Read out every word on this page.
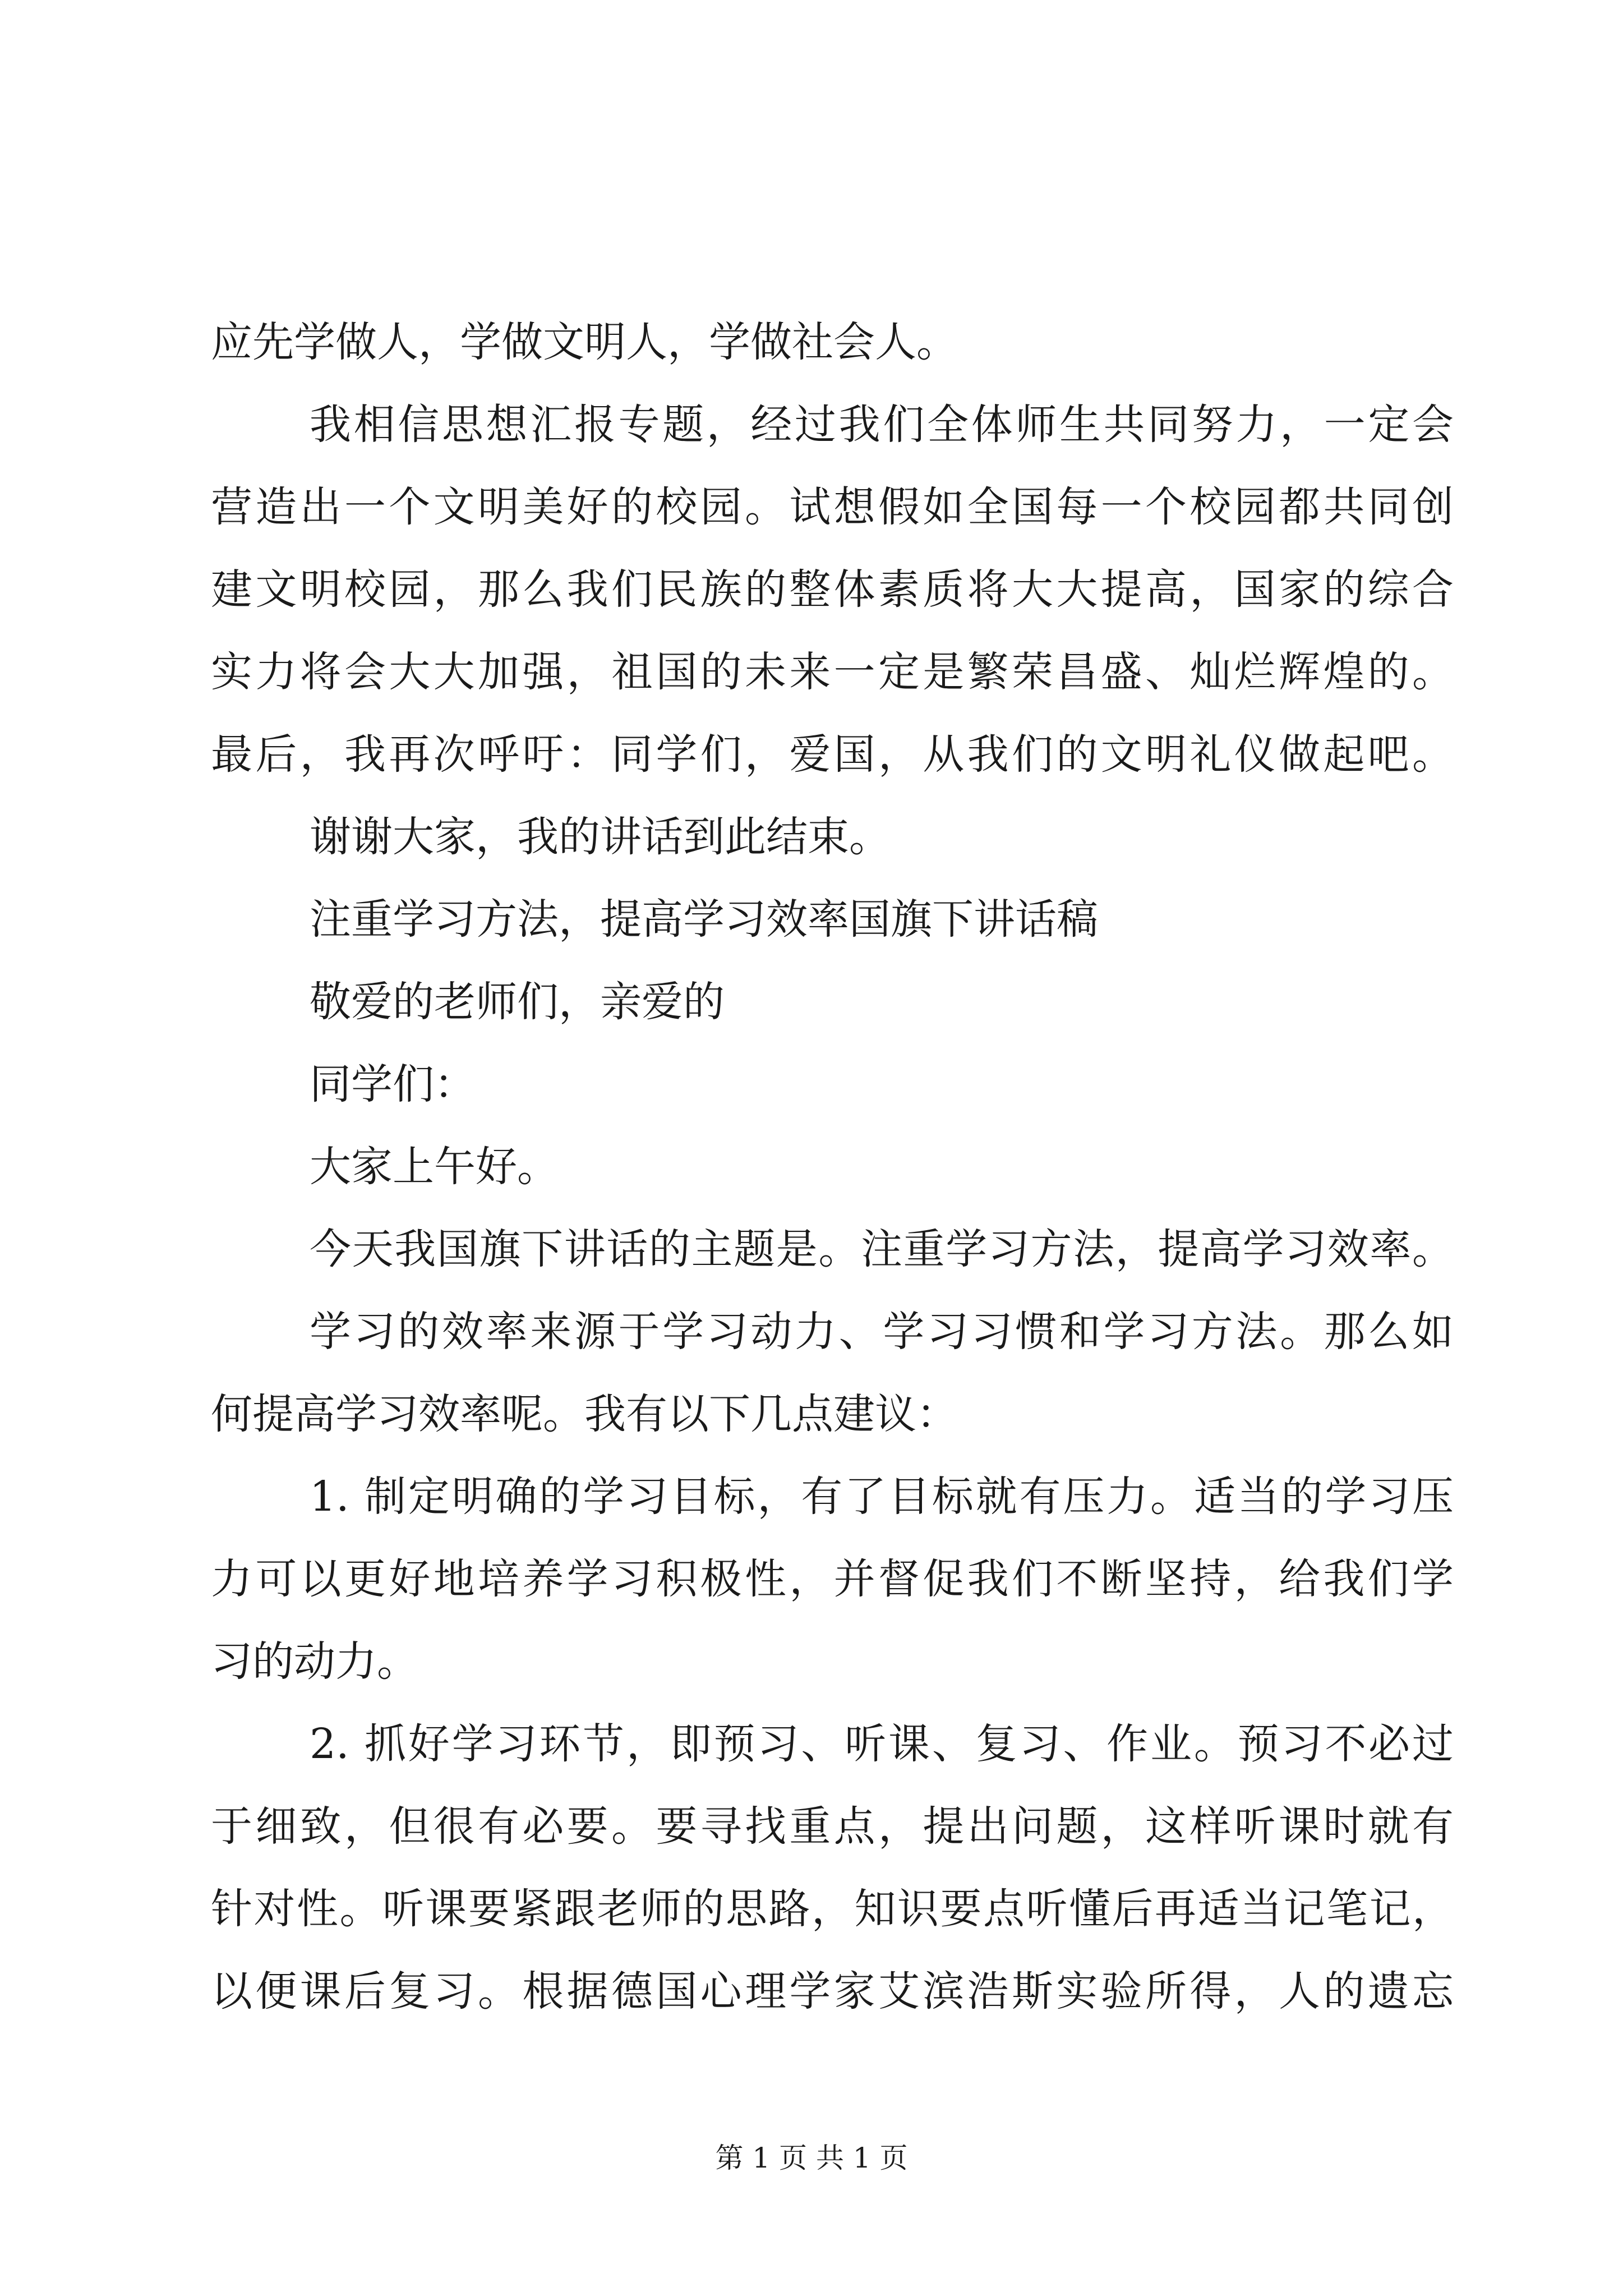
应先学做人，学做文明人，学做社会人。
我相信思想汇报专题，经过我们全体师生共同努力，一定会
营造出一个文明美好的校园。试想假如全国每一个校园都共同创
建文明校园，那么我们民族的整体素质将大大提高，国家的综合
实力将会大大加强，祖国的未来一定是繁荣昌盛、灿烂辉煌的。
最后，我再次呼吁：同学们，爱国，从我们的文明礼仪做起吧。
谢谢大家，我的讲话到此结束。
注重学习方法，提高学习效率国旗下讲话稿
敬爱的老师们，亲爱的
同学们：
大家上午好。
今天我国旗下讲话的主题是。注重学习方法，提高学习效率。
学习的效率来源于学习动力、学习习惯和学习方法。那么如
何提高学习效率呢。我有以下几点建议：
1. 制定明确的学习目标，有了目标就有压力。适当的学习压
力可以更好地培养学习积极性，并督促我们不断坚持，给我们学
习的动力。
2. 抓好学习环节，即预习、听课、复习、作业。预习不必过
于细致，但很有必要。要寻找重点，提出问题，这样听课时就有
针对性。听课要紧跟老师的思路，知识要点听懂后再适当记笔记，
以便课后复习。根据德国心理学家艾滨浩斯实验所得，人的遗忘
第 1 页 共 1 页
